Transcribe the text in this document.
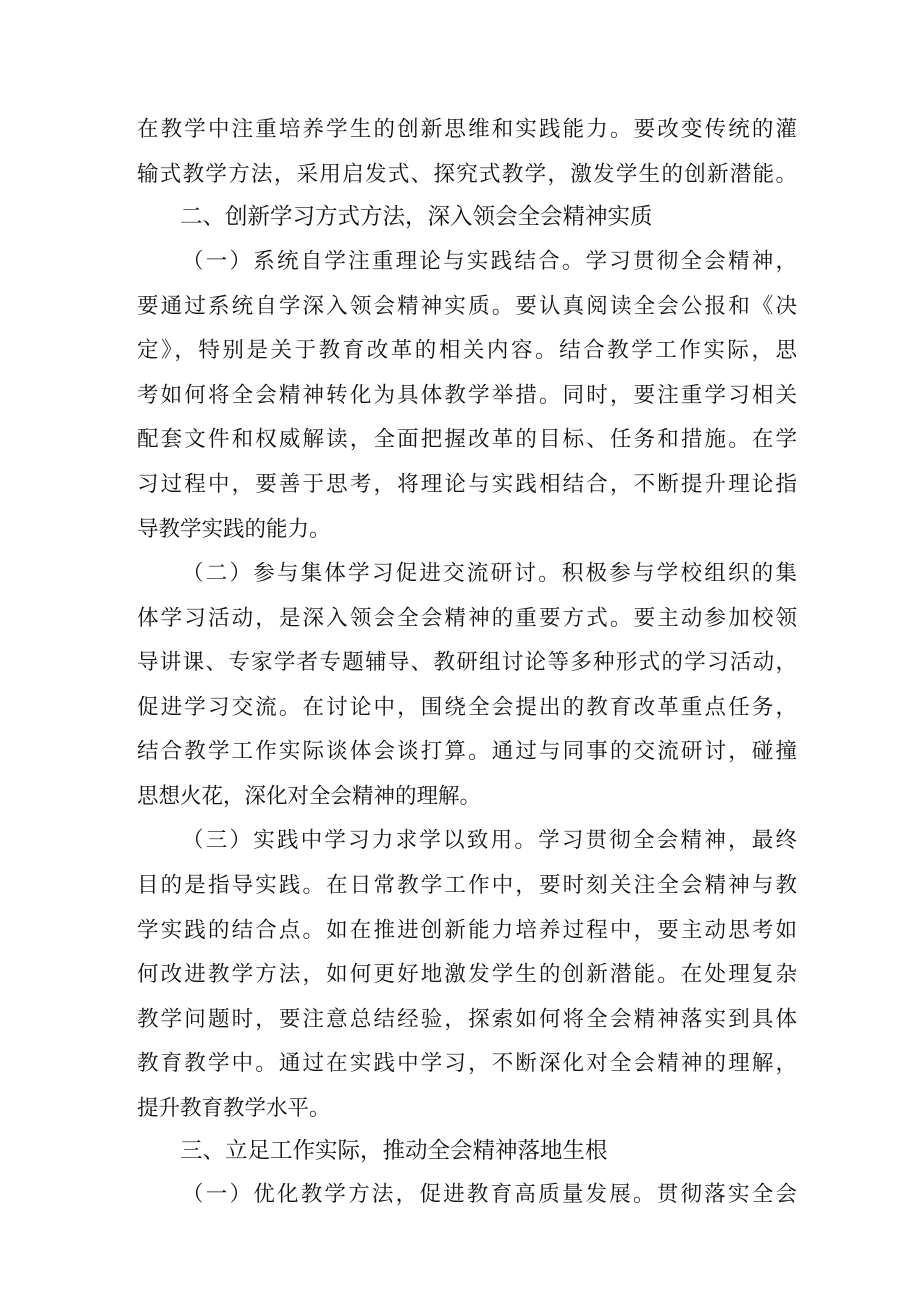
在教学中注重培养学生的创新思维和实践能力。要改变传统的灌
输式教学方法，采用启发式、探究式教学，激发学生的创新潜能。
二、创新学习方式方法，深入领会全会精神实质
（一）系统自学注重理论与实践结合。学习贯彻全会精神，
要通过系统自学深入领会精神实质。要认真阅读全会公报和《决
定》，特别是关于教育改革的相关内容。结合教学工作实际，思
考如何将全会精神转化为具体教学举措。同时，要注重学习相关
配套文件和权威解读，全面把握改革的目标、任务和措施。在学
习过程中，要善于思考，将理论与实践相结合，不断提升理论指
导教学实践的能力。
（二）参与集体学习促进交流研讨。积极参与学校组织的集
体学习活动，是深入领会全会精神的重要方式。要主动参加校领
导讲课、专家学者专题辅导、教研组讨论等多种形式的学习活动，
促进学习交流。在讨论中，围绕全会提出的教育改革重点任务，
结合教学工作实际谈体会谈打算。通过与同事的交流研讨，碰撞
思想火花，深化对全会精神的理解。
（三）实践中学习力求学以致用。学习贯彻全会精神，最终
目的是指导实践。在日常教学工作中，要时刻关注全会精神与教
学实践的结合点。如在推进创新能力培养过程中，要主动思考如
何改进教学方法，如何更好地激发学生的创新潜能。在处理复杂
教学问题时，要注意总结经验，探索如何将全会精神落实到具体
教育教学中。通过在实践中学习，不断深化对全会精神的理解，
提升教育教学水平。
三、立足工作实际，推动全会精神落地生根
（一）优化教学方法，促进教育高质量发展。贯彻落实全会
